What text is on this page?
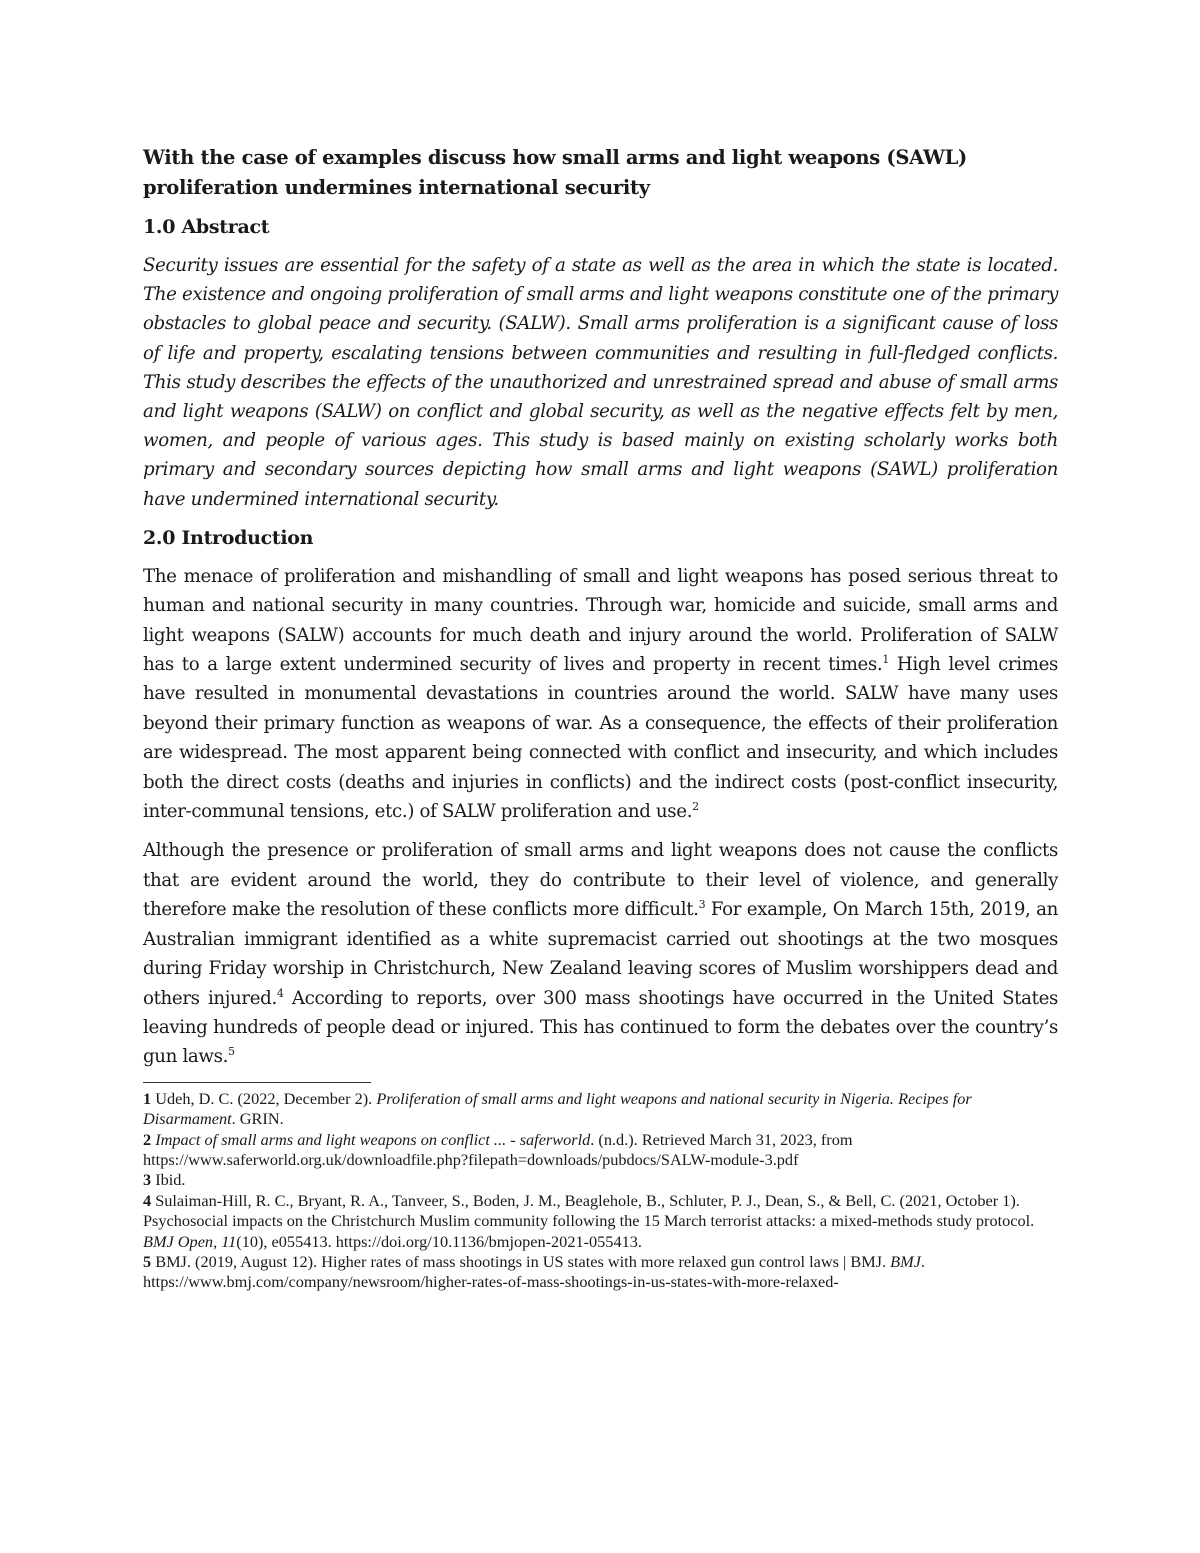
With the case of examples discuss how small arms and light weapons (SAWL) proliferation undermines international security

1.0 Abstract

Security issues are essential for the safety of a state as well as the area in which the state is located. The existence and ongoing proliferation of small arms and light weapons constitute one of the primary obstacles to global peace and security. (SALW). Small arms proliferation is a significant cause of loss of life and property, escalating tensions between communities and resulting in full-fledged conflicts. This study describes the effects of the unauthorized and unrestrained spread and abuse of small arms and light weapons (SALW) on conflict and global security, as well as the negative effects felt by men, women, and people of various ages. This study is based mainly on existing scholarly works both primary and secondary sources depicting how small arms and light weapons (SAWL) proliferation have undermined international security.

2.0 Introduction

The menace of proliferation and mishandling of small and light weapons has posed serious threat to human and national security in many countries. Through war, homicide and suicide, small arms and light weapons (SALW) accounts for much death and injury around the world. Proliferation of SALW has to a large extent undermined security of lives and property in recent times.$^1$ High level crimes have resulted in monumental devastations in countries around the world. SALW have many uses beyond their primary function as weapons of war. As a consequence, the effects of their proliferation are widespread. The most apparent being connected with conflict and insecurity, and which includes both the direct costs (deaths and injuries in conflicts) and the indirect costs (post-conflict insecurity, inter-communal tensions, etc.) of SALW proliferation and use.$^2$

Although the presence or proliferation of small arms and light weapons does not cause the conflicts that are evident around the world, they do contribute to their level of violence, and generally therefore make the resolution of these conflicts more difficult.$^3$ For example, On March 15th, 2019, an Australian immigrant identified as a white supremacist carried out shootings at the two mosques during Friday worship in Christchurch, New Zealand leaving scores of Muslim worshippers dead and others injured.$^4$ According to reports, over 300 mass shootings have occurred in the United States leaving hundreds of people dead or injured. This has continued to form the debates over the country’s gun laws.$^5$

1 Udeh, D. C. (2022, December 2). Proliferation of small arms and light weapons and national security in Nigeria. Recipes for Disarmament. GRIN.

2 Impact of small arms and light weapons on conflict ... - saferworld. (n.d.). Retrieved March 31, 2023, from https://www.saferworld.org.uk/downloadfile.php?filepath=downloads/pubdocs/SALW-module-3.pdf

3 Ibid.

4 Sulaiman-Hill, R. C., Bryant, R. A., Tanveer, S., Boden, J. M., Beaglehole, B., Schluter, P. J., Dean, S., & Bell, C. (2021, October 1). Psychosocial impacts on the Christchurch Muslim community following the 15 March terrorist attacks: a mixed-methods study protocol. BMJ Open, 11(10), e055413. https://doi.org/10.1136/bmjopen-2021-055413.

5 BMJ. (2019, August 12). Higher rates of mass shootings in US states with more relaxed gun control laws | BMJ. BMJ. https://www.bmj.com/company/newsroom/higher-rates-of-mass-shootings-in-us-states-with-more-relaxed-
